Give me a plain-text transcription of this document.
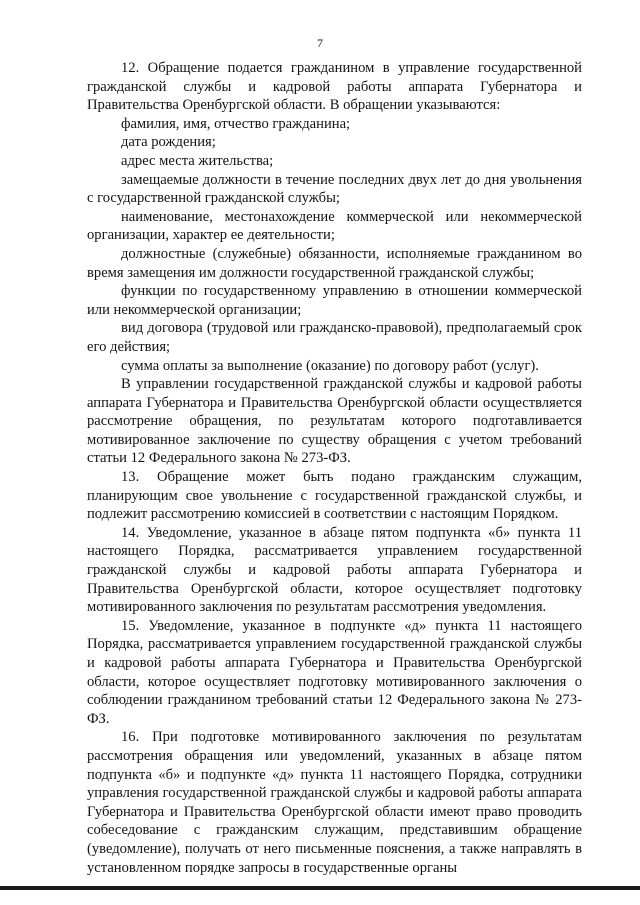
7

12. Обращение подается гражданином в управление государственной гражданской службы и кадровой работы аппарата Губернатора и Правительства Оренбургской области. В обращении указываются:

фамилия, имя, отчество гражданина;

дата рождения;

адрес места жительства;

замещаемые должности в течение последних двух лет до дня увольнения с государственной гражданской службы;

наименование, местонахождение коммерческой или некоммерческой организации, характер ее деятельности;

должностные (служебные) обязанности, исполняемые гражданином во время замещения им должности государственной гражданской службы;

функции по государственному управлению в отношении коммерческой или некоммерческой организации;

вид договора (трудовой или гражданско-правовой), предполагаемый срок его действия;

сумма оплаты за выполнение (оказание) по договору работ (услуг).

В управлении государственной гражданской службы и кадровой работы аппарата Губернатора и Правительства Оренбургской области осуществляется рассмотрение обращения, по результатам которого подготавливается мотивированное заключение по существу обращения с учетом требований статьи 12 Федерального закона № 273-ФЗ.

13. Обращение может быть подано гражданским служащим, планирующим свое увольнение с государственной гражданской службы, и подлежит рассмотрению комиссией в соответствии с настоящим Порядком.

14. Уведомление, указанное в абзаце пятом подпункта «б» пункта 11 настоящего Порядка, рассматривается управлением государственной гражданской службы и кадровой работы аппарата Губернатора и Правительства Оренбургской области, которое осуществляет подготовку мотивированного заключения по результатам рассмотрения уведомления.

15. Уведомление, указанное в подпункте «д» пункта 11 настоящего Порядка, рассматривается управлением государственной гражданской службы и кадровой работы аппарата Губернатора и Правительства Оренбургской области, которое осуществляет подготовку мотивированного заключения о соблюдении гражданином требований статьи 12 Федерального закона № 273-ФЗ.

16. При подготовке мотивированного заключения по результатам рассмотрения обращения или уведомлений, указанных в абзаце пятом подпункта «б» и подпункте «д» пункта 11 настоящего Порядка, сотрудники управления государственной гражданской службы и кадровой работы аппарата Губернатора и Правительства Оренбургской области имеют право проводить собеседование с гражданским служащим, представившим обращение (уведомление), получать от него письменные пояснения, а также направлять в установленном порядке запросы в государственные органы
